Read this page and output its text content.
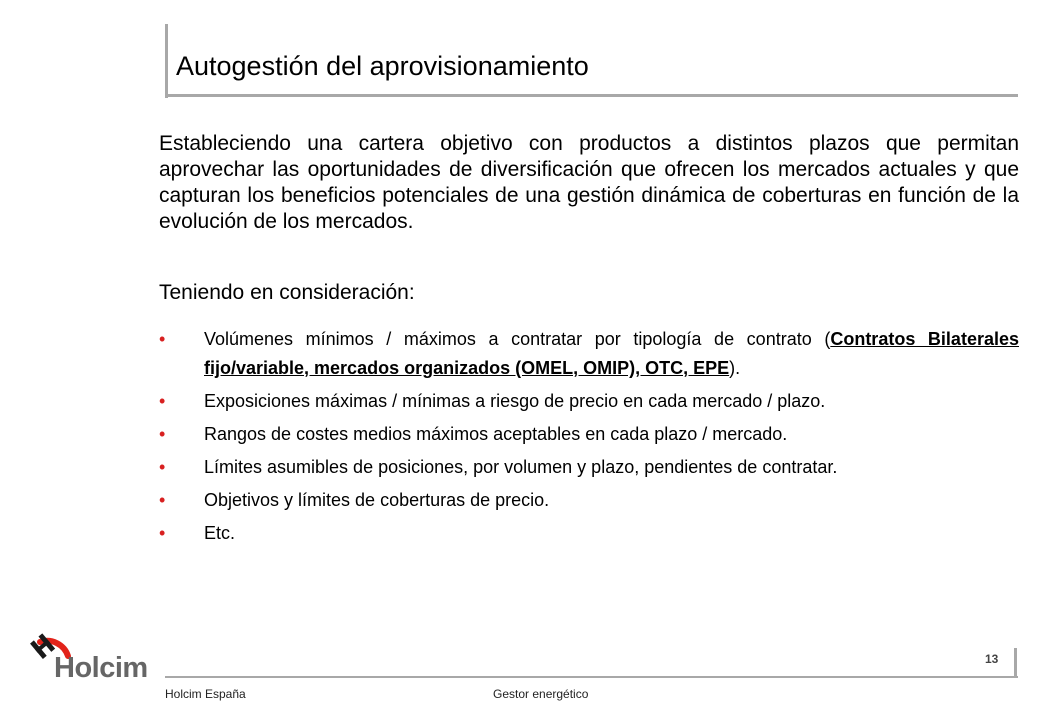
Autogestión del aprovisionamiento

Estableciendo una cartera objetivo con productos a distintos plazos que permitan aprovechar las oportunidades de diversificación que ofrecen los mercados actuales y que capturan los beneficios potenciales de una gestión dinámica de coberturas en función de la evolución de los mercados.

Teniendo en consideración:

• Volúmenes mínimos / máximos a contratar por tipología de contrato (Contratos Bilaterales fijo/variable, mercados organizados (OMEL, OMIP), OTC, EPE).
• Exposiciones máximas / mínimas a riesgo de precio en cada mercado / plazo.
• Rangos de costes medios máximos aceptables en cada plazo / mercado.
• Límites asumibles de posiciones, por volumen y plazo, pendientes de contratar.
• Objetivos y límites de coberturas de precio.
• Etc.
Holcim	13
Holcim España	Gestor energético
